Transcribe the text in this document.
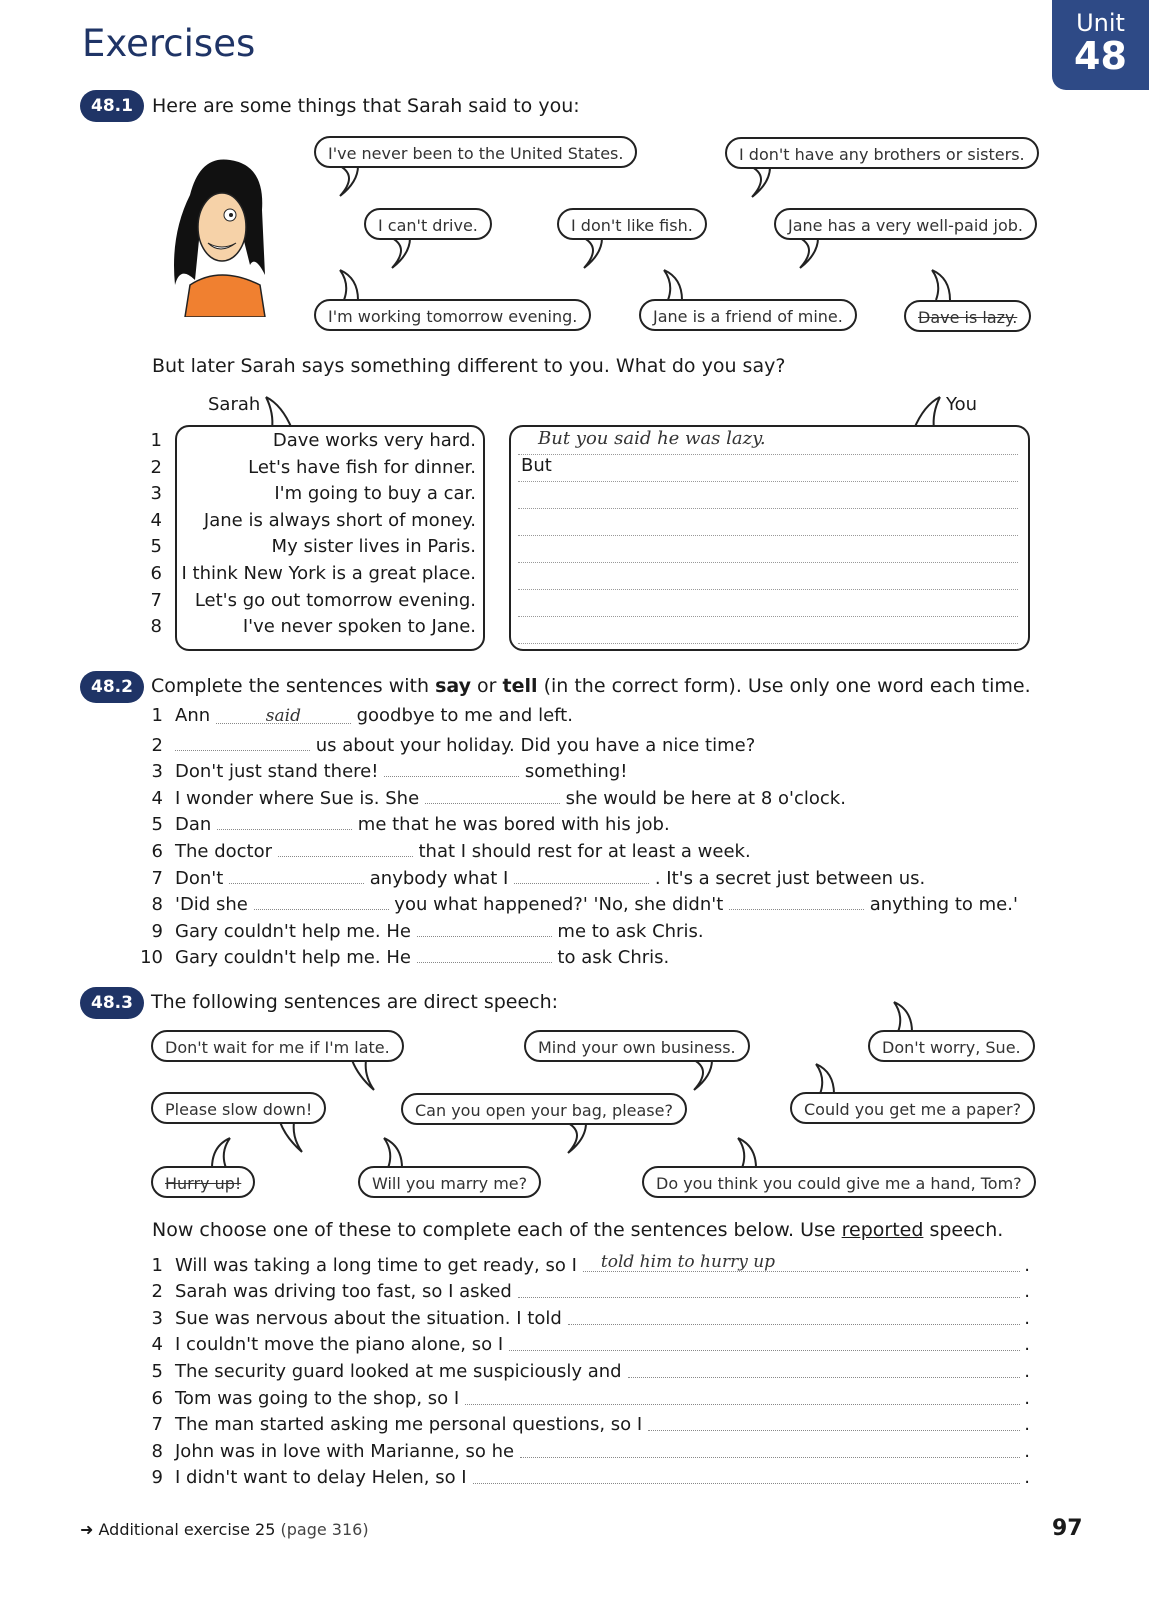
Exercises	Unit
48
48.1	Here are some things that Sarah said to you:
I've never been to the United States.	I don't have any brothers or sisters.
I can't drive.	I don't like fish.	Jane has a very well-paid job.
I'm working tomorrow evening.	Jane is a friend of mine.	Dave is lazy.
But later Sarah says something different to you. What do you say?
Sarah	You
1	Dave works very hard.
2	Let's have fish for dinner.
3	I'm going to buy a car.
4 Jane is always short of money.
5	My sister lives in Paris.
6 I think New York is a great place.
7 Let's go out tomorrow evening.
8	I've never spoken to Jane.
But you said he was lazy.
But
48.2 Complete the sentences with say or tell (in the correct form). Use only one word each time.
1 Ann	said	goodbye to me and left.
2	us about your holiday. Did you have a nice time?
3 Don't just stand there!	something!
4 I wonder where Sue is. She	she would be here at 8 o'clock.
5 Dan	me that he was bored with his job.
6 The doctor	that I should rest for at least a week.
7 Don't	anybody what I	. It's a secret just between us.
8 'Did she	you what happened?' 'No, she didn't	anything to me.'
9 Gary couldn't help me. He	me to ask Chris.
10 Gary couldn't help me. He	to ask Chris.
48.3 The following sentences are direct speech:
Don't wait for me if I'm late.	Mind your own business.	Don't worry, Sue.
Please slow down!	Can you open your bag, please?	Could you get me a paper?
Hurry up!	Will you marry me?	Do you think you could give me a hand, Tom?
Now choose one of these to complete each of the sentences below. Use reported speech.
1 Will was taking a long time to get ready, so I	told him to hurry up	.
2 Sarah was driving too fast, so I asked	.
3 Sue was nervous about the situation. I told	.
4 I couldn't move the piano alone, so I	.
5 The security guard looked at me suspiciously and	.
6 Tom was going to the shop, so I	.
7 The man started asking me personal questions, so I	.
8 John was in love with Marianne, so he	.
9 I didn't want to delay Helen, so I	.
➜ Additional exercise 25 (page 316)	97
